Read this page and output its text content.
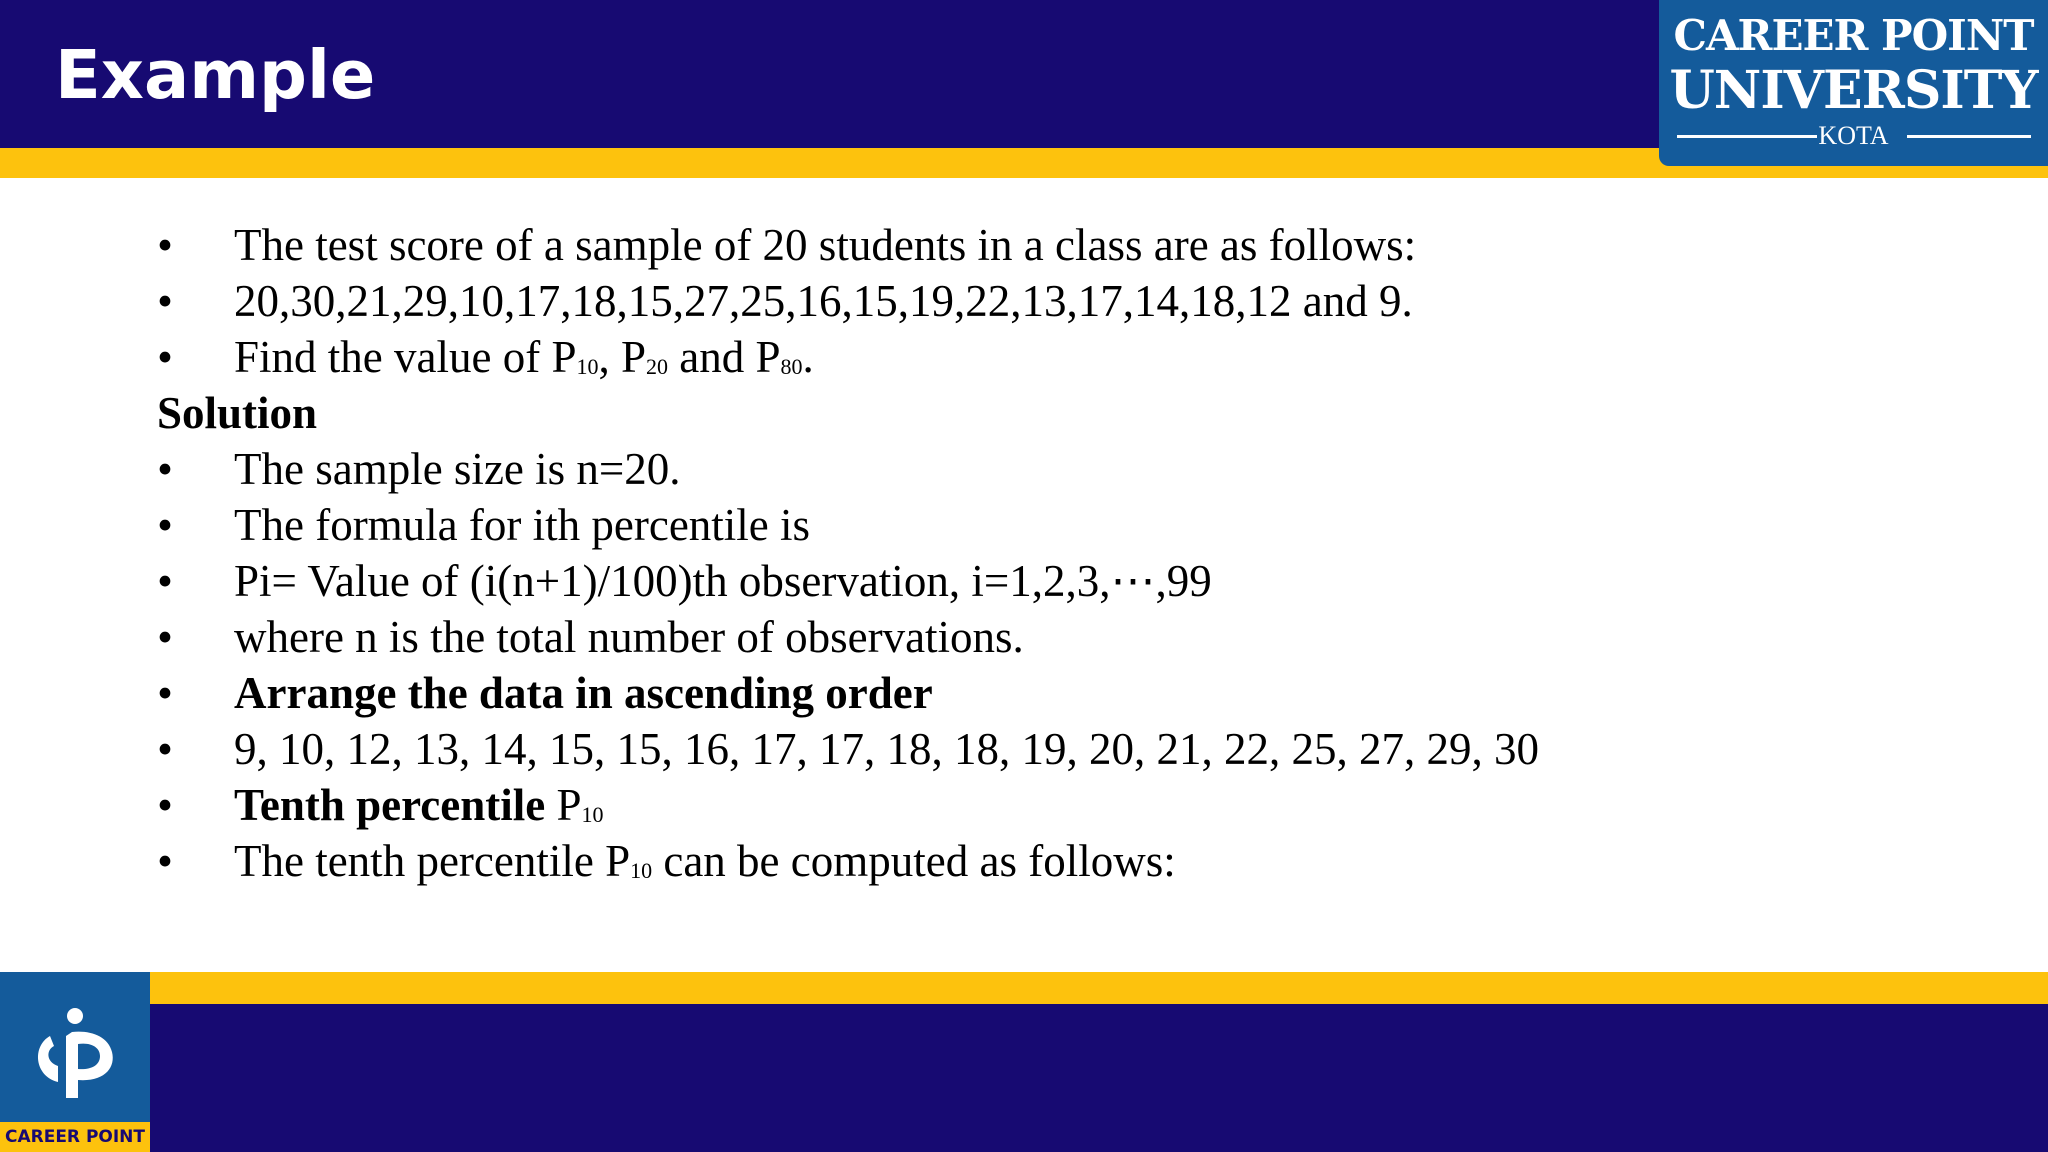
Example
CAREER POINT
UNIVERSITY
KOTA
• The test score of a sample of 20 students in a class are as follows:
• 20,30,21,29,10,17,18,15,27,25,16,15,19,22,13,17,14,18,12 and 9.
• Find the value of $P_{10}$, $P_{20}$ and $P_{80}$.
Solution
• The sample size is n=20.
• The formula for ith percentile is
• Pi= Value of (i(n+1)/100)th observation, i=1,2,3,⋯,99
• where n is the total number of observations.
• Arrange the data in ascending order
• 9, 10, 12, 13, 14, 15, 15, 16, 17, 17, 18, 18, 19, 20, 21, 22, 25, 27, 29, 30
• Tenth percentile $P_{10}$
• The tenth percentile $P_{10}$ can be computed as follows:
CAREER POINT
